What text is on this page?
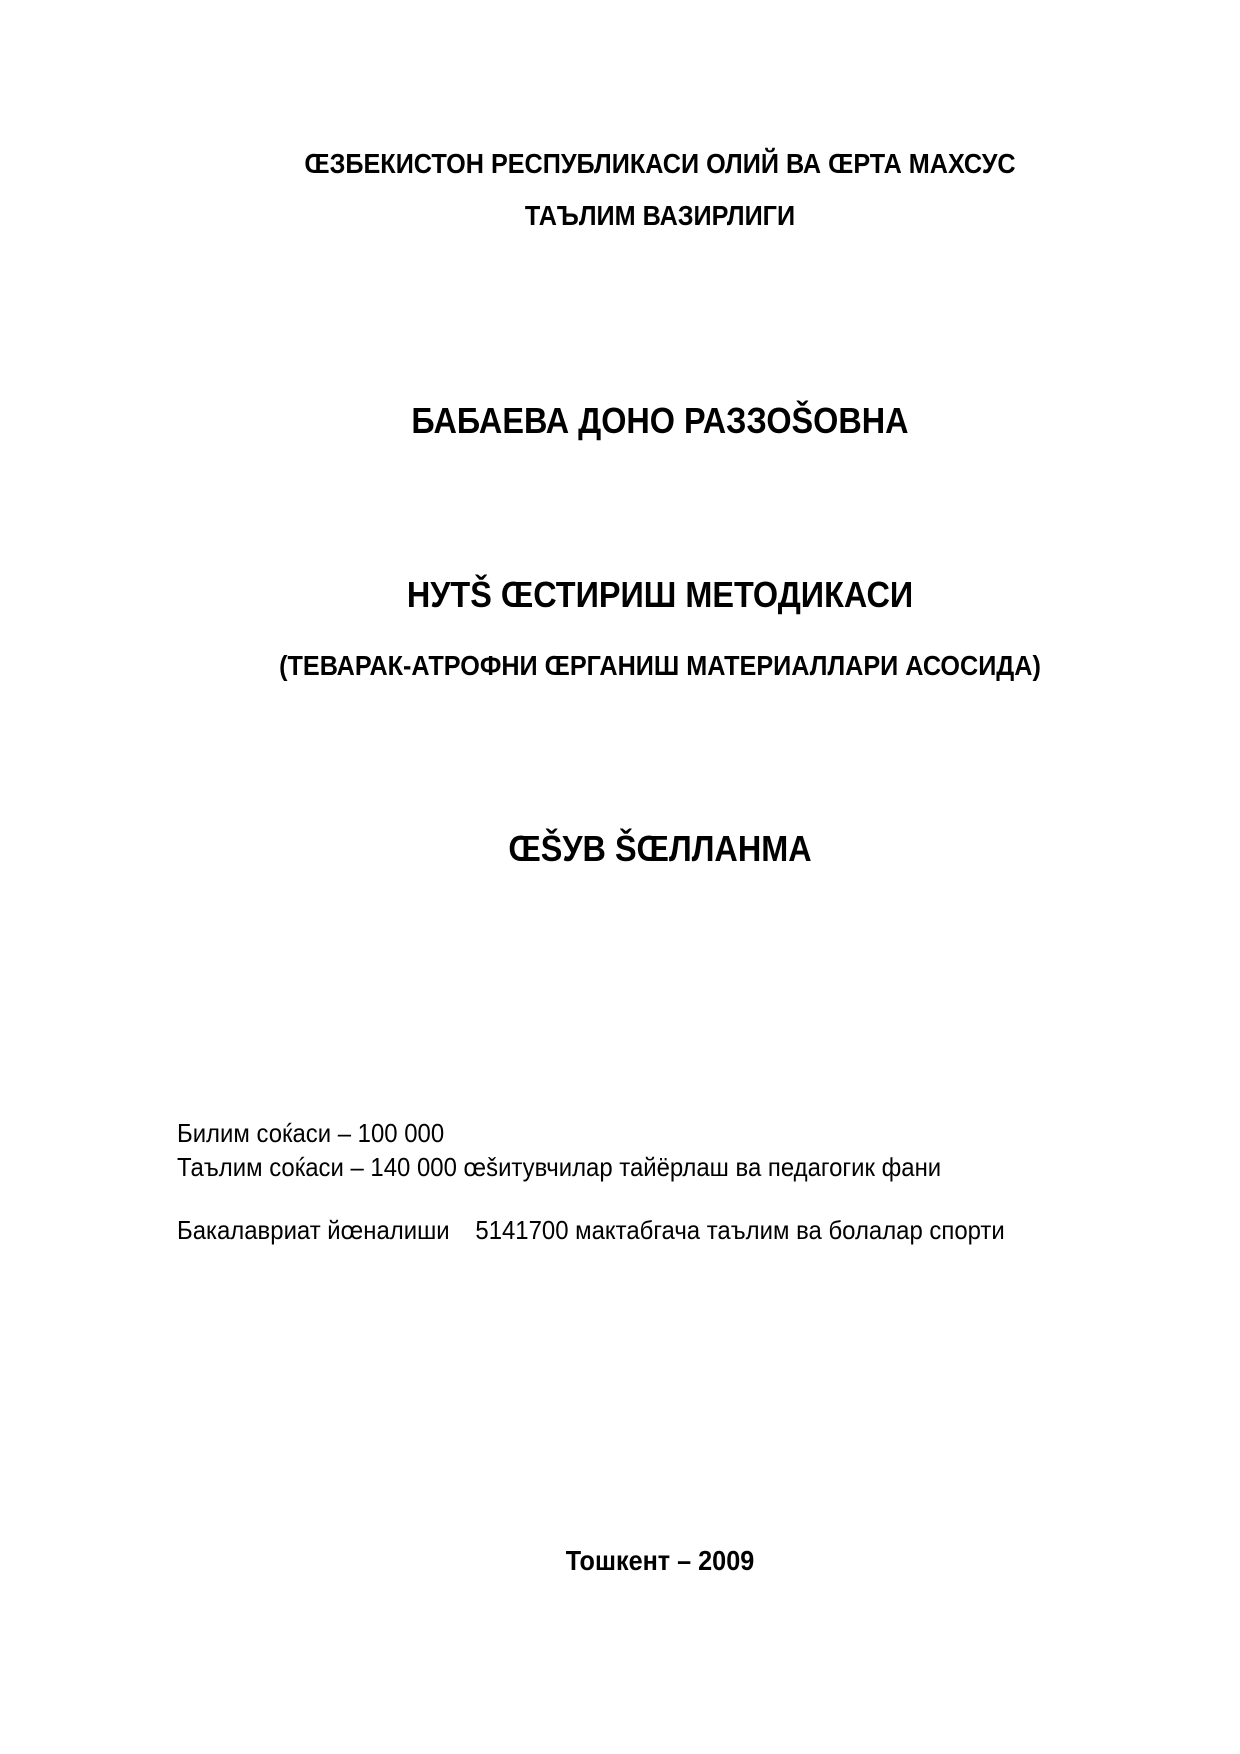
ŒЗБЕКИСТОН РЕСПУБЛИКАСИ ОЛИЙ ВА ŒРТА МАХСУС
ТАЪЛИМ ВАЗИРЛИГИ
БАБАЕВА ДОНО РАЗЗОŠОВНА
НУТŠ ŒСТИРИШ МЕТОДИКАСИ
(ТЕВАРАК-АТРОФНИ ŒРГАНИШ МАТЕРИАЛЛАРИ АСОСИДА)
ŒŠУВ ŠŒЛЛАНМА
Билим соќаси – 100 000
Таълим соќаси – 140 000 œšитувчилар тайёрлаш ва педагогик фани
Бакалавриат йœналиши 5141700 мактабгача таълим ва болалар спорти
Тошкент – 2009
